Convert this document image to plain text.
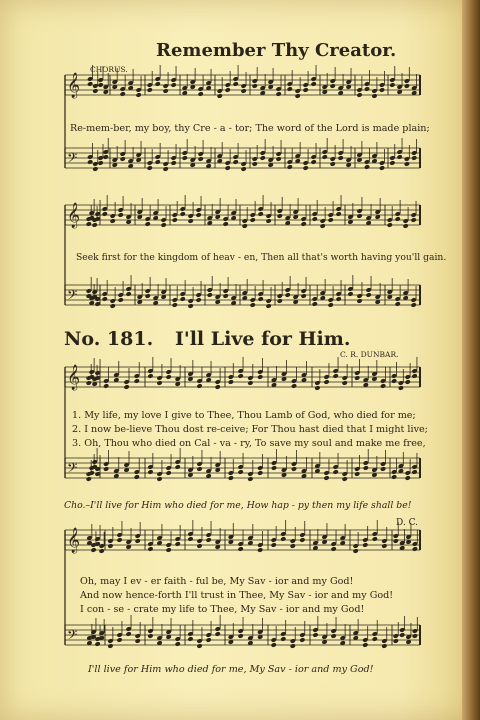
Remember Thy Creator.
CHORUS.
Re-mem-ber, my boy, thy Cre - a - tor; The word of the Lord is made plain;
Seek first for the kingdom of heav - en, Then all that's worth having you'll gain.
No. 181. I'll Live for Him.
C. R. DUNBAR.
1. My life, my love I give to Thee, Thou Lamb of God, who died for me;
2. I now be-lieve Thou dost re-ceive; For Thou hast died that I might live;
3. Oh, Thou who died on Cal - va - ry, To save my soul and make me free,
Cho.–I'll live for Him who died for me, How hap - py then my life shall be!
D. C.
Oh, may I ev - er faith - ful be, My Sav - ior and my God!
And now hence-forth I'll trust in Thee, My Sav - ior and my God!
I con - se - crate my life to Thee, My Sav - ior and my God!
I'll live for Him who died for me, My Sav - ior and my God!
𝄞
𝄢
𝄞
𝄢
𝄞
𝄢
𝄞
𝄢
